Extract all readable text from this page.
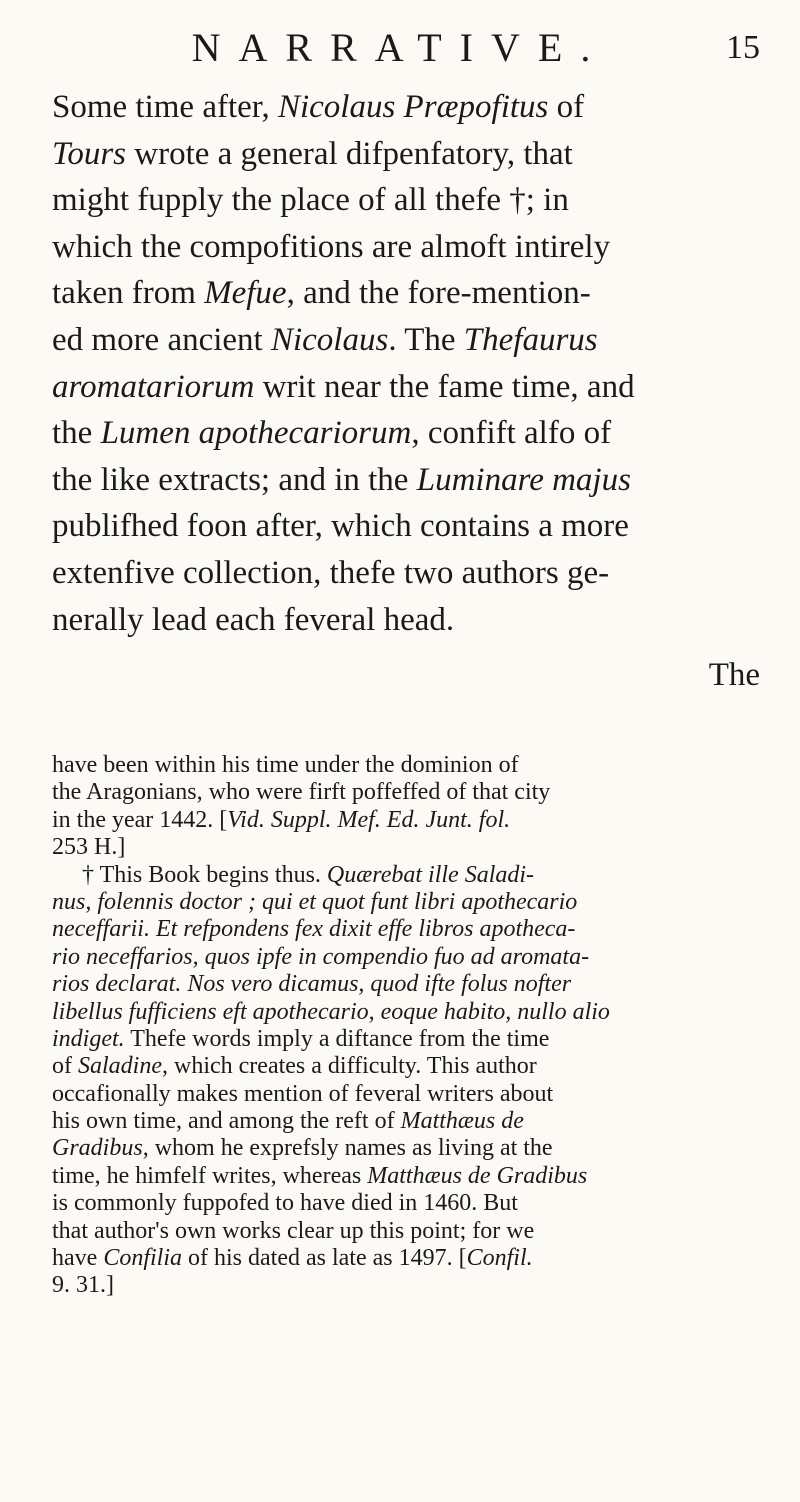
NARRATIVE.	15
Some time after, Nicolaus Præpofitus of
Tours wrote a general difpenfatory, that
might fupply the place of all thefe †; in
which the compofitions are almoft intirely
taken from Mefue, and the fore-mention-
ed more ancient Nicolaus. The Thefaurus
aromatariorum writ near the fame time, and
the Lumen apothecariorum, confift alfo of
the like extracts; and in the Luminare majus
publifhed foon after, which contains a more
extenfive collection, thefe two authors ge-
nerally lead each feveral head.
The
have been within his time under the dominion of
the Aragonians, who were firft poffeffed of that city
in the year 1442. [Vid. Suppl. Mef. Ed. Junt. fol.
253 H.]
† This Book begins thus. Quærebat ille Saladi-
nus, folennis doctor ; qui et quot funt libri apothecario
neceffarii. Et refpondens fex dixit effe libros apotheca-
rio neceffarios, quos ipfe in compendio fuo ad aromata-
rios declarat. Nos vero dicamus, quod ifte folus nofter
libellus fufficiens eft apothecario, eoque habito, nullo alio
indiget. Thefe words imply a diftance from the time
of Saladine, which creates a difficulty. This author
occafionally makes mention of feveral writers about
his own time, and among the reft of Matthæus de
Gradibus, whom he exprefsly names as living at the
time, he himfelf writes, whereas Matthæus de Gradibus
is commonly fuppofed to have died in 1460. But
that author's own works clear up this point; for we
have Confilia of his dated as late as 1497. [Confil.
9. 31.]
